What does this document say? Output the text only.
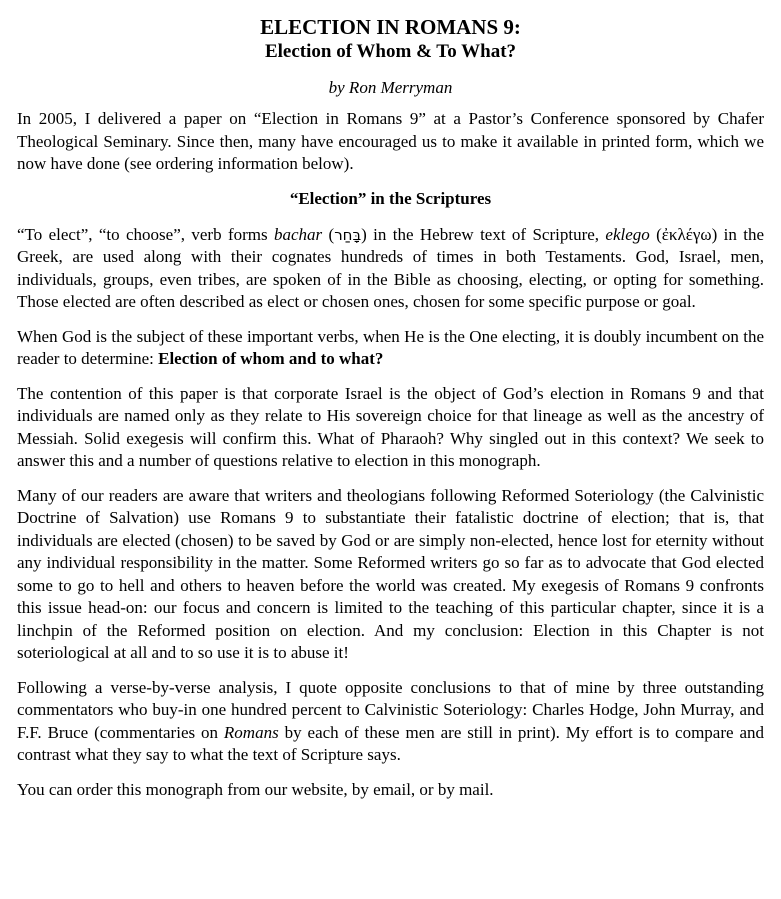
ELECTION IN ROMANS 9:
Election of Whom & To What?
by Ron Merryman

In 2005, I delivered a paper on “Election in Romans 9” at a Pastor’s Conference sponsored by Chafer Theological Seminary. Since then, many have encouraged us to make it available in printed form, which we now have done (see ordering information below).

“Election” in the Scriptures

“To elect”, “to choose”, verb forms bachar (בָּחַר) in the Hebrew text of Scripture, eklego (ἐκλέγω) in the Greek, are used along with their cognates hundreds of times in both Testaments. God, Israel, men, individuals, groups, even tribes, are spoken of in the Bible as choosing, electing, or opting for something. Those elected are often described as elect or chosen ones, chosen for some specific purpose or goal.

When God is the subject of these important verbs, when He is the One electing, it is doubly incumbent on the reader to determine: Election of whom and to what?

The contention of this paper is that corporate Israel is the object of God’s election in Romans 9 and that individuals are named only as they relate to His sovereign choice for that lineage as well as the ancestry of Messiah. Solid exegesis will confirm this. What of Pharaoh? Why singled out in this context? We seek to answer this and a number of questions relative to election in this monograph.

Many of our readers are aware that writers and theologians following Reformed Soteriology (the Calvinistic Doctrine of Salvation) use Romans 9 to substantiate their fatalistic doctrine of election; that is, that individuals are elected (chosen) to be saved by God or are simply non-elected, hence lost for eternity without any individual responsibility in the matter. Some Reformed writers go so far as to advocate that God elected some to go to hell and others to heaven before the world was created. My exegesis of Romans 9 confronts this issue head-on: our focus and concern is limited to the teaching of this particular chapter, since it is a linchpin of the Reformed position on election. And my conclusion: Election in this Chapter is not soteriological at all and to so use it is to abuse it!

Following a verse-by-verse analysis, I quote opposite conclusions to that of mine by three outstanding commentators who buy-in one hundred percent to Calvinistic Soteriology: Charles Hodge, John Murray, and F.F. Bruce (commentaries on Romans by each of these men are still in print). My effort is to compare and contrast what they say to what the text of Scripture says.

You can order this monograph from our website, by email, or by mail.
